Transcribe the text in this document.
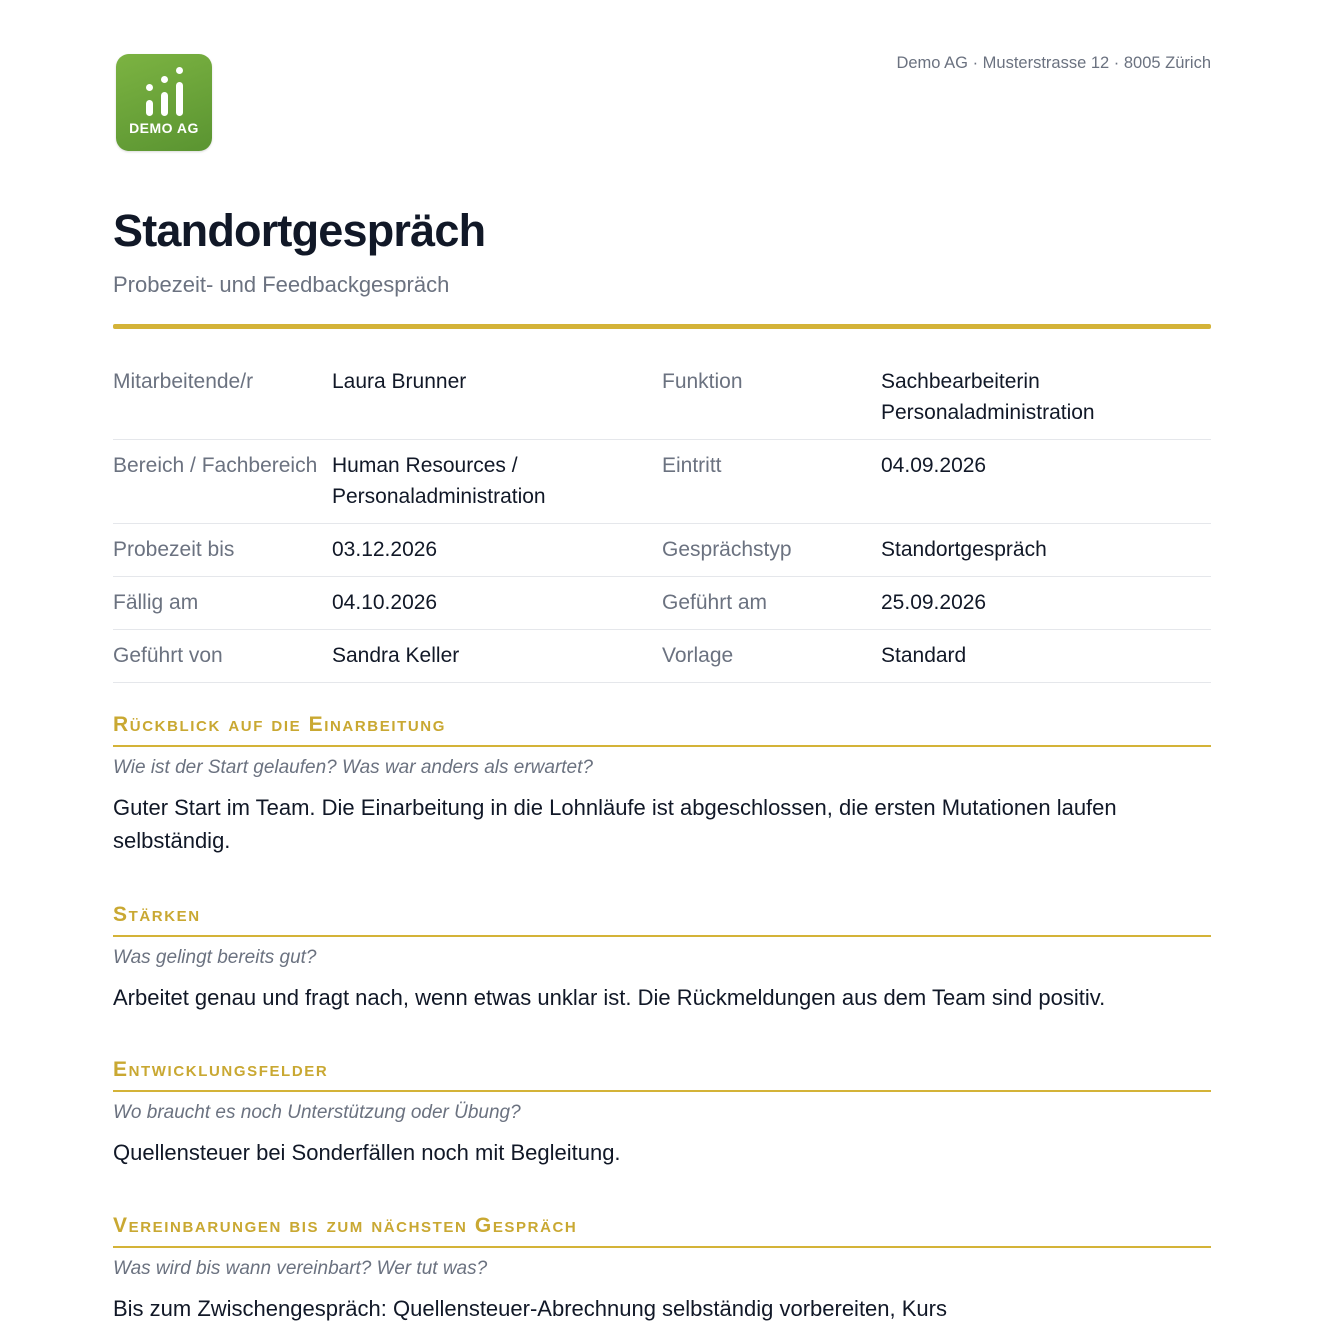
DEMO AG
Demo AG · Musterstrasse 12 · 8005 Zürich
Standortgespräch
Probezeit- und Feedbackgespräch
Mitarbeitende/r	Laura Brunner	Funktion	Sachbearbeiterin Personaladministration
Bereich / Fachbereich	Human Resources / Personaladministration	Eintritt	04.09.2026
Probezeit bis	03.12.2026	Gesprächstyp	Standortgespräch
Fällig am	04.10.2026	Geführt am	25.09.2026
Geführt von	Sandra Keller	Vorlage	Standard
Rückblick auf die Einarbeitung
Wie ist der Start gelaufen? Was war anders als erwartet?
Guter Start im Team. Die Einarbeitung in die Lohnläufe ist abgeschlossen, die ersten Mutationen laufen selbständig.
Stärken
Was gelingt bereits gut?
Arbeitet genau und fragt nach, wenn etwas unklar ist. Die Rückmeldungen aus dem Team sind positiv.
Entwicklungsfelder
Wo braucht es noch Unterstützung oder Übung?
Quellensteuer bei Sonderfällen noch mit Begleitung.
Vereinbarungen bis zum nächsten Gespräch
Was wird bis wann vereinbart? Wer tut was?
Bis zum Zwischengespräch: Quellensteuer-Abrechnung selbständig vorbereiten, Kurs
